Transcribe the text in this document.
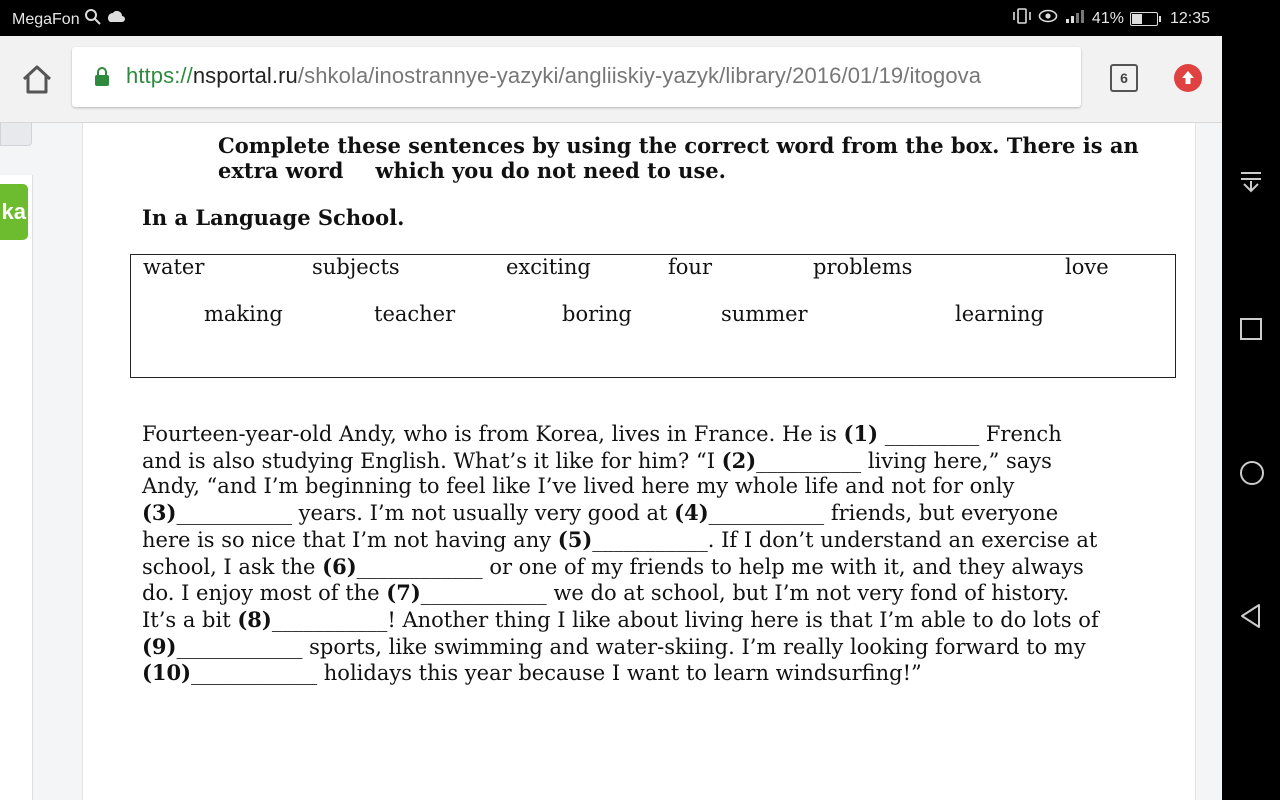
MegaFon	41%	12:35
https://nsportal.ru/shkola/inostrannye-yazyki/angliiskiy-yazyk/library/2016/01/19/itogova	6
ka
Complete these sentences by using the correct word from the box. There is an
extra word which you do not need to use.
In a Language School.
water	subjects	exciting	four	problems	love
making	teacher	boring	summer	learning
Fourteen-year-old Andy, who is from Korea, lives in France. He is (1) _________ French
and is also studying English. What’s it like for him? “I (2)__________ living here,” says
Andy, “and I’m beginning to feel like I’ve lived here my whole life and not for only
(3)___________ years. I’m not usually very good at (4)___________ friends, but everyone
here is so nice that I’m not having any (5)___________. If I don’t understand an exercise at
school, I ask the (6)____________ or one of my friends to help me with it, and they always
do. I enjoy most of the (7)____________ we do at school, but I’m not very fond of history.
It’s a bit (8)___________! Another thing I like about living here is that I’m able to do lots of
(9)____________ sports, like swimming and water-skiing. I’m really looking forward to my
(10)____________ holidays this year because I want to learn windsurfing!”
